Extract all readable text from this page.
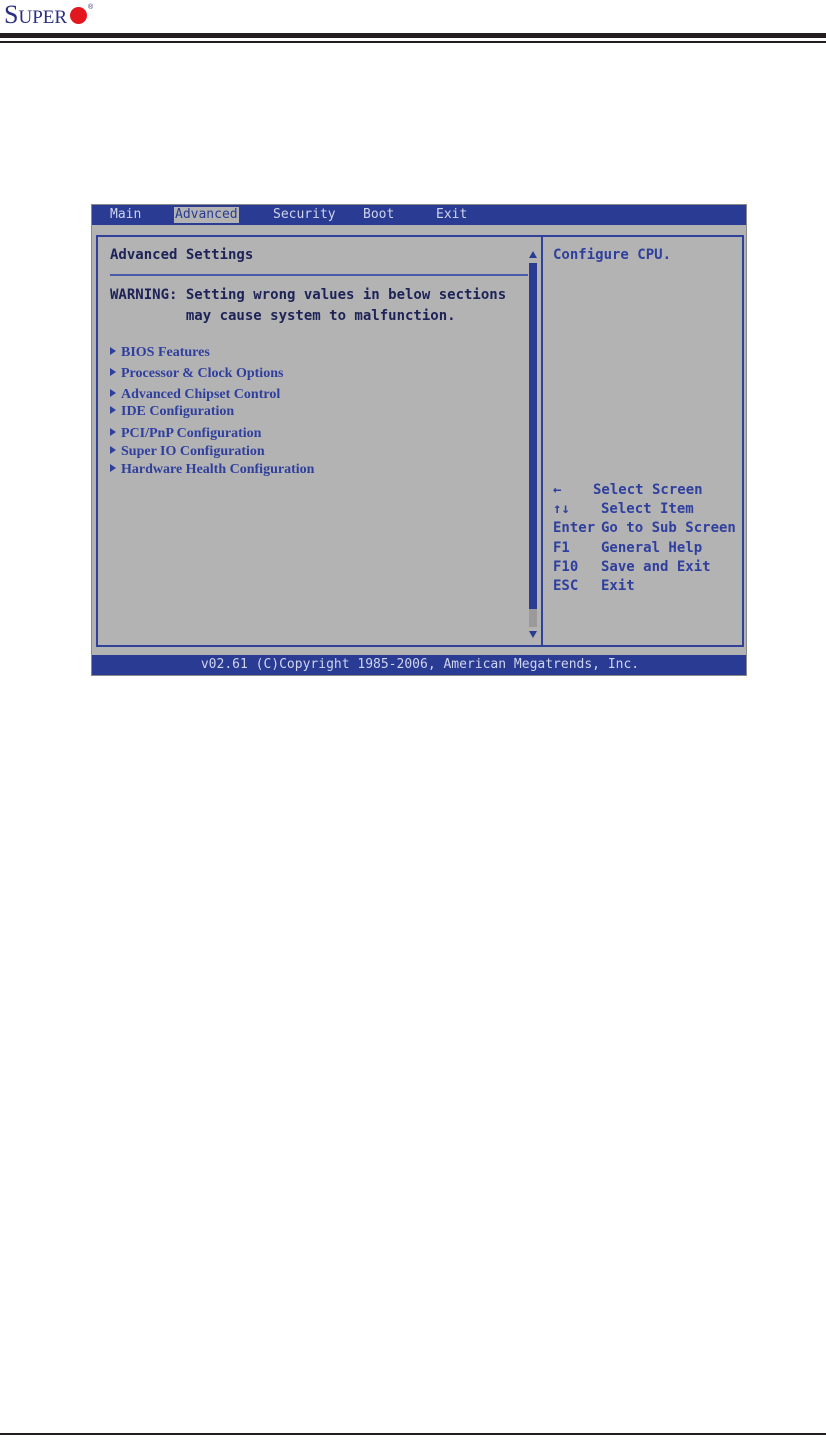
SUPER	®
Main	Advanced	Security Boot	Exit
Advanced Settings
WARNING: Setting wrong values in below sections
may cause system to malfunction.
BIOS Features
Processor & Clock Options
Advanced Chipset Control
IDE Configuration
PCI/PnP Configuration
Super IO Configuration
Hardware Health Configuration
Configure CPU.
← Select Screen
↑↓ Select Item
Enter Go to Sub Screen
F1 General Help
F10 Save and Exit
ESC Exit
v02.61 (C)Copyright 1985-2006, American Megatrends, Inc.
